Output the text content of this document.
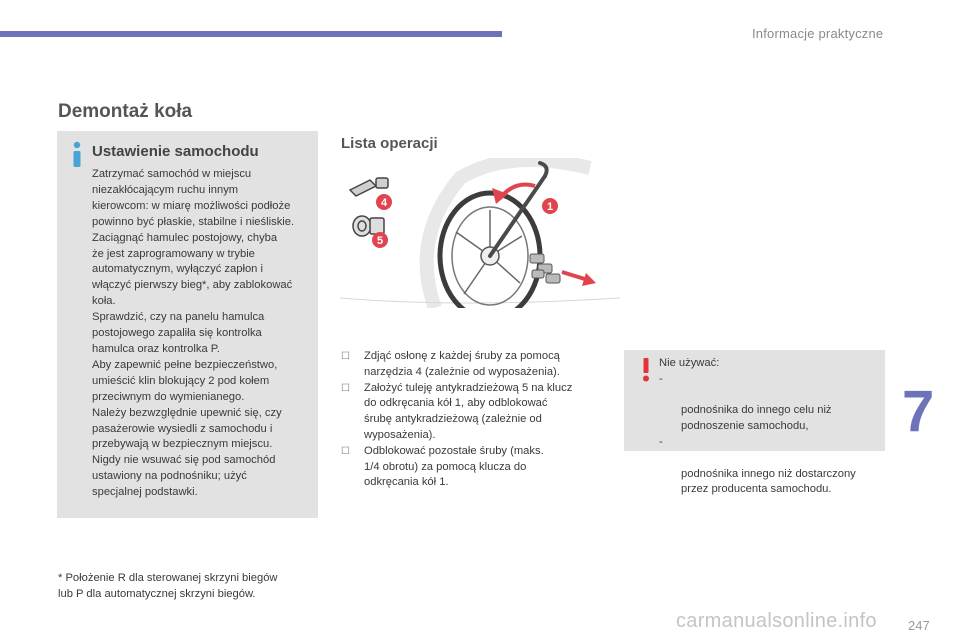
Informacje praktyczne
Demontaż koła
Ustawienie samochodu
Zatrzymać samochód w miejscu
niezakłócającym ruchu innym
kierowcom: w miarę możliwości podłoże
powinno być płaskie, stabilne i nieśliskie.
Zaciągnąć hamulec postojowy, chyba
że jest zaprogramowany w trybie
automatycznym, wyłączyć zapłon i
włączyć pierwszy bieg*, aby zablokować
koła.
Sprawdzić, czy na panelu hamulca
postojowego zapaliła się kontrolka
hamulca oraz kontrolka P.
Aby zapewnić pełne bezpieczeństwo,
umieścić klin blokujący 2 pod kołem
przeciwnym do wymienianego.
Należy bezwzględnie upewnić się, czy
pasażerowie wysiedli z samochodu i
przebywają w bezpiecznym miejscu.
Nigdy nie wsuwać się pod samochód
ustawiony na podnośniku; użyć
specjalnej podstawki.
Lista operacji
1
4
5
☐ Zdjąć osłonę z każdej śruby za pomocą
narzędzia 4 (zależnie od wyposażenia).
☐ Założyć tuleję antykradzieżową 5 na klucz
do odkręcania kół 1, aby odblokować
śrubę antykradzieżową (zależnie od
wyposażenia).
☐ Odblokować pozostałe śruby (maks.
1/4 obrotu) za pomocą klucza do
odkręcania kół 1.
Nie używać:

-

podnośnika do innego celu niż
podnoszenie samochodu,

-

podnośnika innego niż dostarczony
przez producenta samochodu.

7
* Położenie R dla sterowanej skrzyni biegów
lub P dla automatycznej skrzyni biegów.
carmanualsonline.info 247
